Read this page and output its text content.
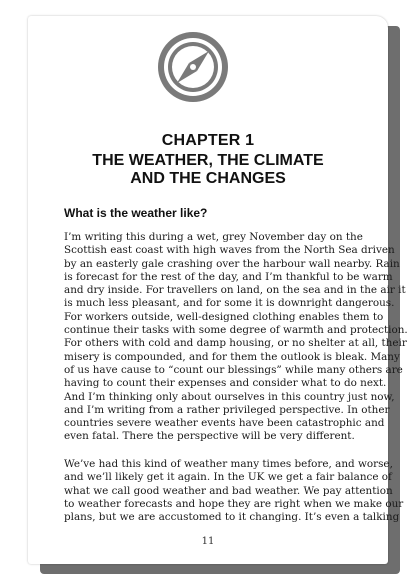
CHAPTER 1
THE WEATHER, THE CLIMATE
AND THE CHANGES
What is the weather like?
I’m writing this during a wet, grey November day on the
Scottish east coast with high waves from the North Sea driven
by an easterly gale crashing over the harbour wall nearby. Rain
is forecast for the rest of the day, and I’m thankful to be warm
and dry inside. For travellers on land, on the sea and in the air it
is much less pleasant, and for some it is downright dangerous.
For workers outside, well-designed clothing enables them to
continue their tasks with some degree of warmth and protection.
For others with cold and damp housing, or no shelter at all, their
misery is compounded, and for them the outlook is bleak. Many
of us have cause to “count our blessings” while many others are
having to count their expenses and consider what to do next.
And I’m thinking only about ourselves in this country just now,
and I’m writing from a rather privileged perspective. In other
countries severe weather events have been catastrophic and
even fatal. There the perspective will be very different.
We’ve had this kind of weather many times before, and worse,
and we’ll likely get it again. In the UK we get a fair balance of
what we call good weather and bad weather. We pay attention
to weather forecasts and hope they are right when we make our
plans, but we are accustomed to it changing. It’s even a talking
11
